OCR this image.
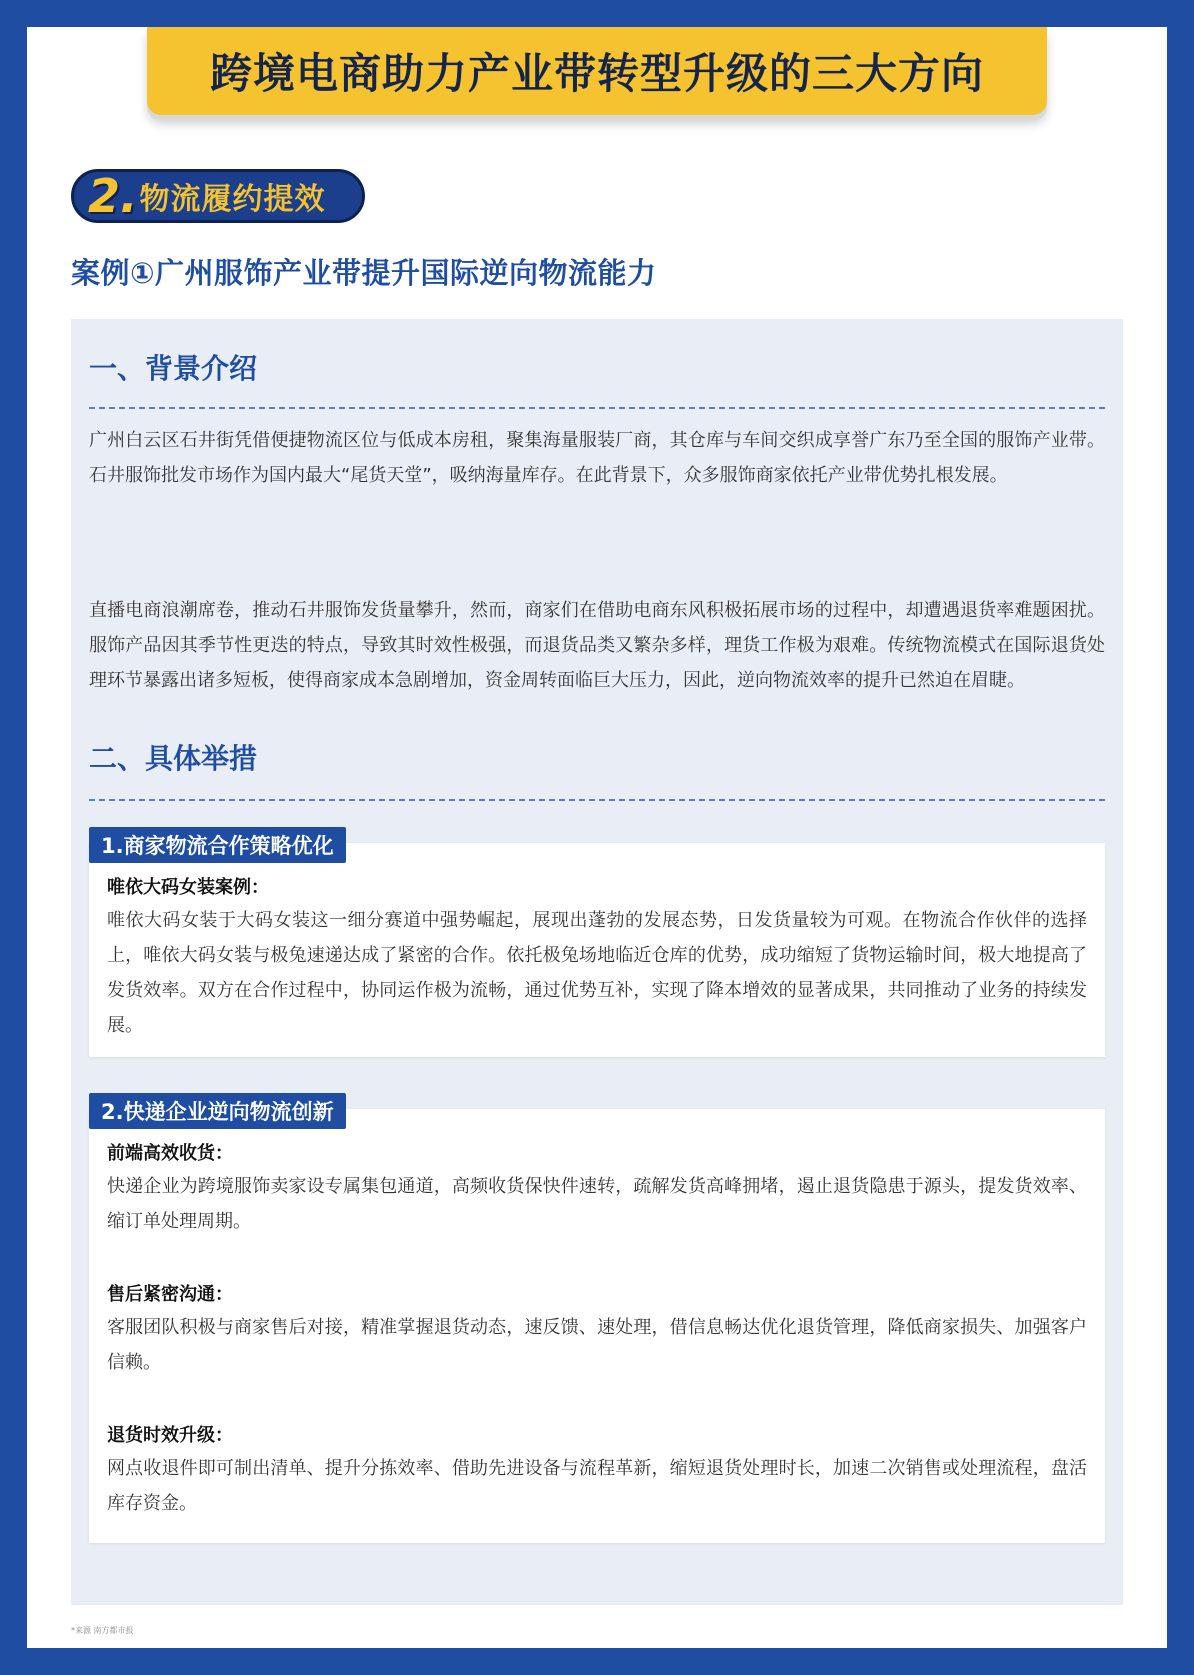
跨境电商助力产业带转型升级的三大方向
2. 物流履约提效
案例①广州服饰产业带提升国际逆向物流能力
一、背景介绍
广州白云区石井街凭借便捷物流区位与低成本房租，聚集海量服装厂商，其仓库与车间交织成享誉广东乃至全国的服饰产业带。石井服饰批发市场作为国内最大“尾货天堂”，吸纳海量库存。在此背景下，众多服饰商家依托产业带优势扎根发展。
直播电商浪潮席卷，推动石井服饰发货量攀升，然而，商家们在借助电商东风积极拓展市场的过程中，却遭遇退货率难题困扰。服饰产品因其季节性更迭的特点，导致其时效性极强，而退货品类又繁杂多样，理货工作极为艰难。传统物流模式在国际退货处理环节暴露出诸多短板，使得商家成本急剧增加，资金周转面临巨大压力，因此，逆向物流效率的提升已然迫在眉睫。
二、具体举措
唯依大码女装案例：
唯依大码女装于大码女装这一细分赛道中强势崛起，展现出蓬勃的发展态势，日发货量较为可观。在物流合作伙伴的选择上，唯依大码女装与极兔速递达成了紧密的合作。依托极兔场地临近仓库的优势，成功缩短了货物运输时间，极大地提高了发货效率。双方在合作过程中，协同运作极为流畅，通过优势互补，实现了降本增效的显著成果，共同推动了业务的持续发展。
1.商家物流合作策略优化
前端高效收货：
快递企业为跨境服饰卖家设专属集包通道，高频收货保快件速转，疏解发货高峰拥堵，遏止退货隐患于源头，提发货效率、缩订单处理周期。
售后紧密沟通：
客服团队积极与商家售后对接，精准掌握退货动态，速反馈、速处理，借信息畅达优化退货管理，降低商家损失、加强客户信赖。
退货时效升级：
网点收退件即可制出清单、提升分拣效率、借助先进设备与流程革新，缩短退货处理时长，加速二次销售或处理流程，盘活库存资金。
2.快递企业逆向物流创新
*来源 南方都市报
